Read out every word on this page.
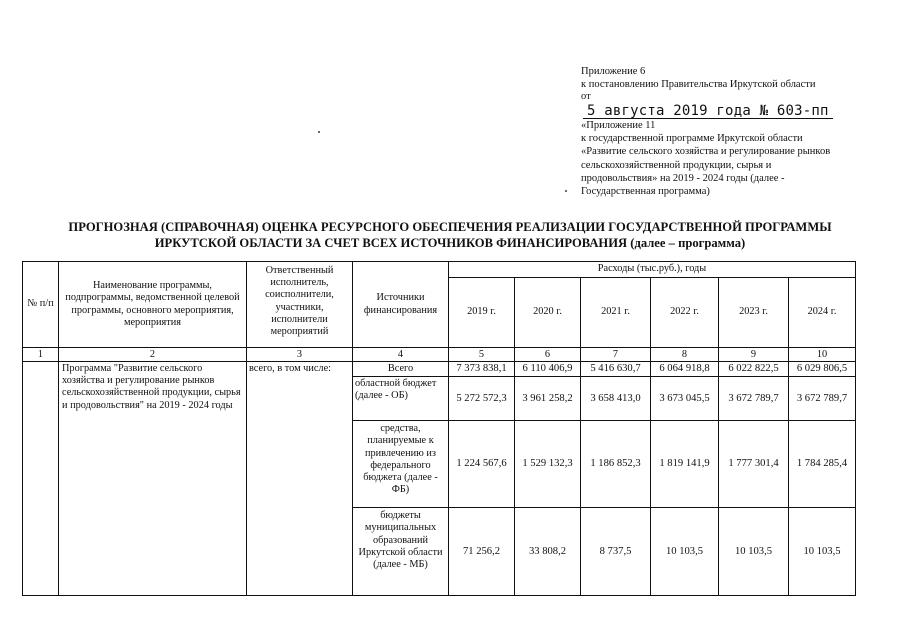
Приложение 6
к постановлению Правительства Иркутской области
от5 августа 2019 года № 603-пп
«Приложение 11
к государственной программе Иркутской области
«Развитие сельского хозяйства и регулирование рынков
сельскохозяйственной продукции, сырья и
продовольствия» на 2019 - 2024 годы (далее -
Государственная программа)
ПРОГНОЗНАЯ (СПРАВОЧНАЯ) ОЦЕНКА РЕСУРСНОГО ОБЕСПЕЧЕНИЯ РЕАЛИЗАЦИИ ГОСУДАРСТВЕННОЙ ПРОГРАММЫ
ИРКУТСКОЙ ОБЛАСТИ ЗА СЧЕТ ВСЕХ ИСТОЧНИКОВ ФИНАНСИРОВАНИЯ (далее – программа)
№ п/п	Наименование программы, подпрограммы, ведомственной целевой программы, основного мероприятия, мероприятия	Ответственный исполнитель, соисполнители, участники, исполнители мероприятий	Источники финансирования	Расходы (тыс.руб.), годы					
				2019 г.	2020 г.	2021 г.	2022 г.	2023 г.	2024 г.
1	2	3	4	5	6	7	8	9	10
	Программа "Развитие сельского хозяйства и регулирование рынков сельскохозяйственной продукции, сырья и продовольствия" на 2019 - 2024 годы	всего, в том числе:	Всего	7 373 838,1	6 110 406,9	5 416 630,7	6 064 918,8	6 022 822,5	6 029 806,5
			областной бюджет (далее - ОБ)	5 272 572,3	3 961 258,2	3 658 413,0	3 673 045,5	3 672 789,7	3 672 789,7
			средства, планируемые к привлечению из федерального бюджета (далее - ФБ)	1 224 567,6	1 529 132,3	1 186 852,3	1 819 141,9	1 777 301,4	1 784 285,4
			бюджеты муниципальных образований Иркутской области (далее - МБ)	71 256,2	33 808,2	8 737,5	10 103,5	10 103,5	10 103,5
